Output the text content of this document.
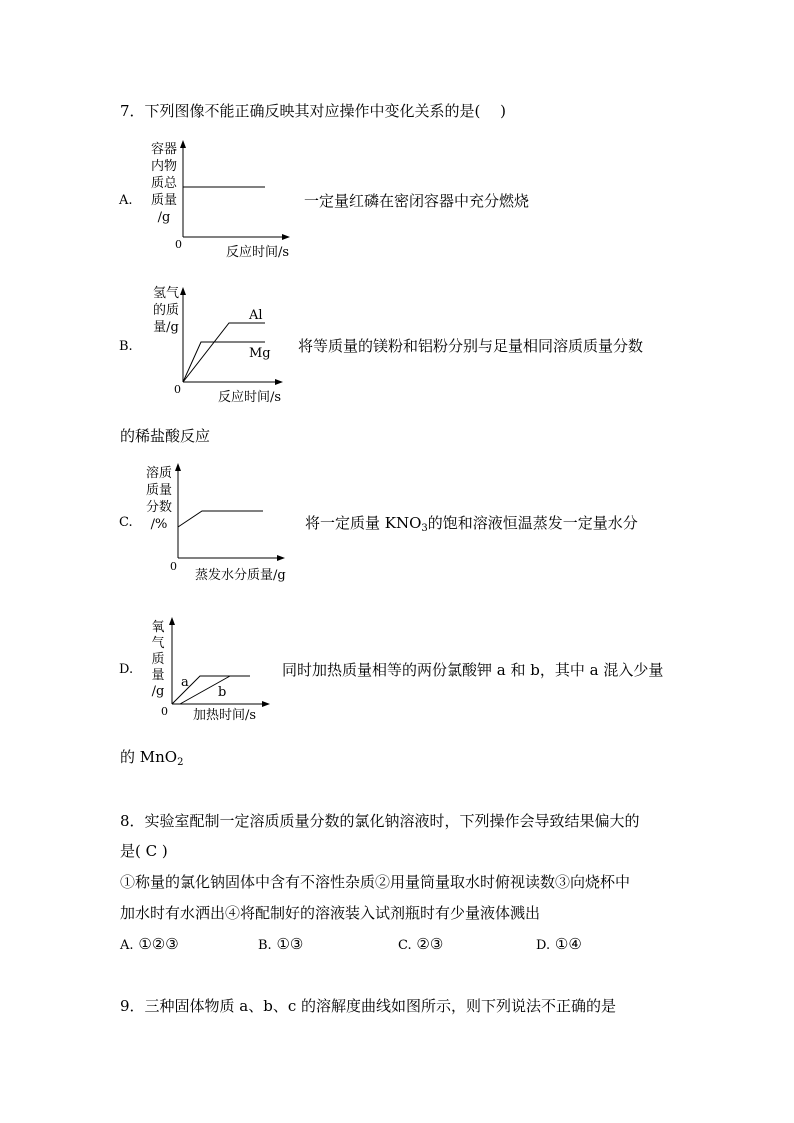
7．下列图像不能正确反映其对应操作中变化关系的是(　 )
A.
容器
内物
质总
质量
/g
0
反应时间/s
一定量红磷在密闭容器中充分燃烧
B.
氢气
的质
量/g
0
反应时间/s
Al
Mg 将等质量的镁粉和铝粉分别与足量相同溶质质量分数
的稀盐酸反应
C.
溶质
质量
分数
/%
0
蒸发水分质量/g
将一定质量 $KNO_3$的饱和溶液恒温蒸发一定量水分
D.
氧
气
质
量
/g
0 加热时间/s
a
b
同时加热质量相等的两份氯酸钾 a 和 b，其中 a 混入少量
的 MnO$_2$
8．实验室配制一定溶质质量分数的氯化钠溶液时，下列操作会导致结果偏大的
是( C )
①称量的氯化钠固体中含有不溶性杂质②用量筒量取水时俯视读数③向烧杯中
加水时有水洒出④将配制好的溶液装入试剂瓶时有少量液体溅出
A. ①②③	B. ①③	C. ②③	D. ①④
9．三种固体物质 a、b、c 的溶解度曲线如图所示，则下列说法不正确的是
